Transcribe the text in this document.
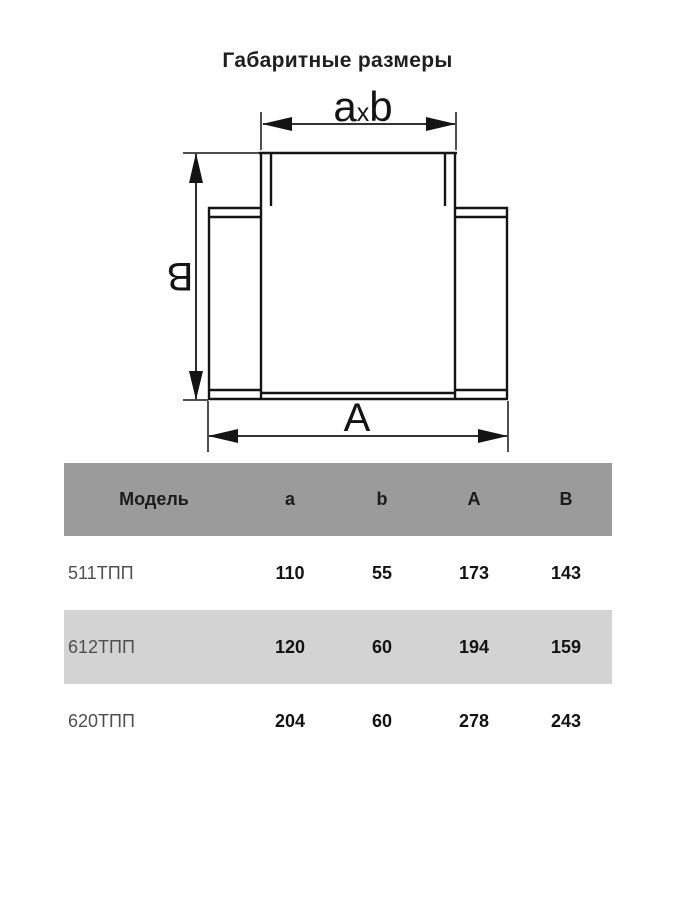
Габаритные размеры
axb
A
B
Модель	a	b	A	B
511ТПП	110	55	173	143
612ТПП	120	60	194	159
620ТПП	204	60	278	243
